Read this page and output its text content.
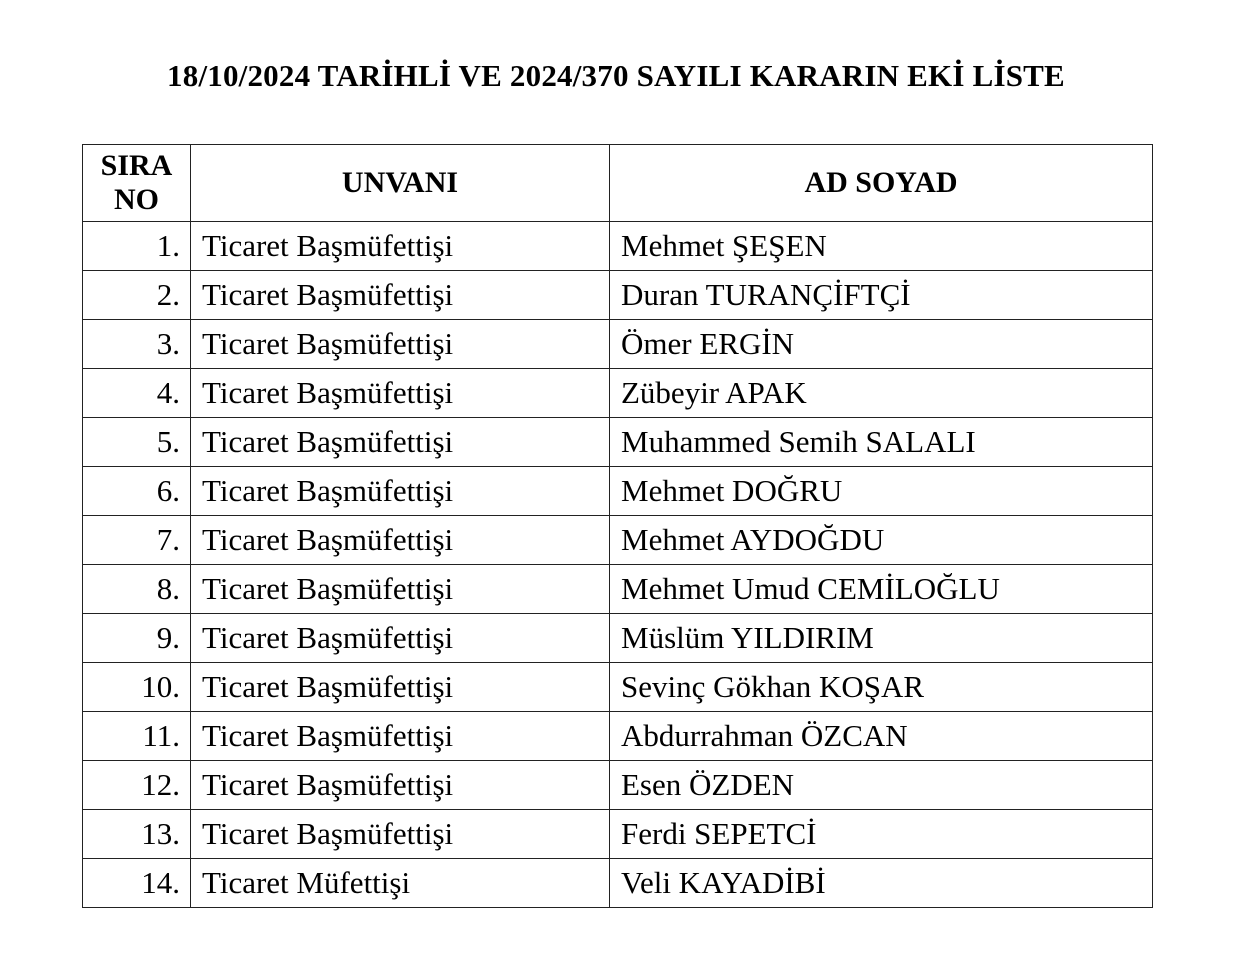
18/10/2024 TARİHLİ VE 2024/370 SAYILI KARARIN EKİ LİSTE
SIRA
NO	UNVANI	AD SOYAD
1.	Ticaret Başmüfettişi	Mehmet ŞEŞEN
2.	Ticaret Başmüfettişi	Duran TURANÇİFTÇİ
3.	Ticaret Başmüfettişi	Ömer ERGİN
4.	Ticaret Başmüfettişi	Zübeyir APAK
5.	Ticaret Başmüfettişi	Muhammed Semih SALALI
6.	Ticaret Başmüfettişi	Mehmet DOĞRU
7.	Ticaret Başmüfettişi	Mehmet AYDOĞDU
8.	Ticaret Başmüfettişi	Mehmet Umud CEMİLOĞLU
9.	Ticaret Başmüfettişi	Müslüm YILDIRIM
10.	Ticaret Başmüfettişi	Sevinç Gökhan KOŞAR
11.	Ticaret Başmüfettişi	Abdurrahman ÖZCAN
12.	Ticaret Başmüfettişi	Esen ÖZDEN
13.	Ticaret Başmüfettişi	Ferdi SEPETCİ
14.	Ticaret Müfettişi	Veli KAYADİBİ
